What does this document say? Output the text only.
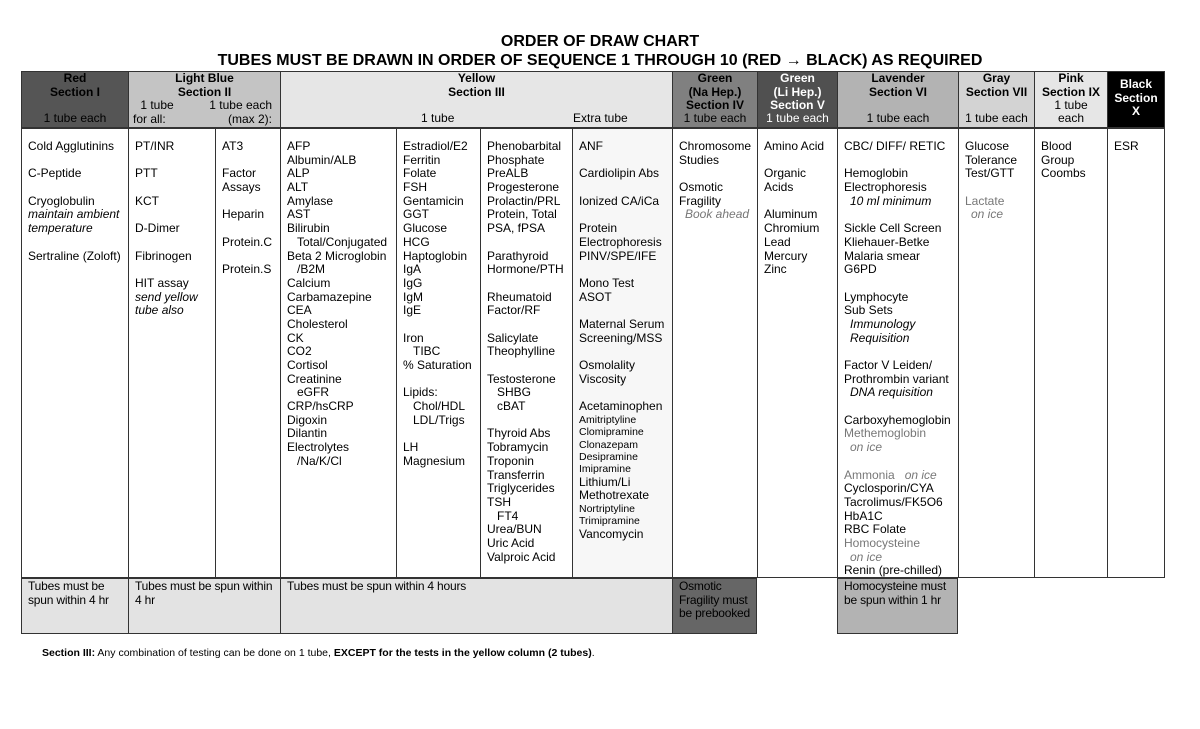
ORDER OF DRAW CHART
TUBES MUST BE DRAWN IN ORDER OF SEQUENCE 1 THROUGH 10 (RED → BLACK) AS REQUIRED
Red
Section I
1 tube each
Light Blue
Section II
1 tube
for all:
1 tube each
(max 2):
Yellow
Section III
1 tube	Extra tube
Green
(Na Hep.)
Section IV
1 tube each
Green
(Li Hep.)
Section V
1 tube each
Lavender
Section VI
1 tube each
Gray
Section VII
1 tube each
Pink
Section IX
1 tube
each
Black
Section
X
Cold Agglutinins
C-Peptide
Cryoglobulin
maintain ambient
temperature
Sertraline (Zoloft)
PT/INR
PTT
KCT
D-Dimer
Fibrinogen
HIT assay
send yellow
tube also
AT3
Factor
Assays
Heparin
Protein.C
Protein.S
AFP
Albumin/ALB
ALP
ALT
Amylase
AST
Bilirubin
Total/Conjugated
Beta 2 Microglobin
/B2M
Calcium
Carbamazepine
CEA
Cholesterol
CK
CO2
Cortisol
Creatinine
eGFR
CRP/hsCRP
Digoxin
Dilantin
Electrolytes
/Na/K/Cl
Estradiol/E2
Ferritin
Folate
FSH
Gentamicin
GGT
Glucose
HCG
Haptoglobin
IgA
IgG
IgM
IgE
Iron
TIBC
% Saturation
Lipids:
Chol/HDL
LDL/Trigs
LH
Magnesium
Phenobarbital
Phosphate
PreALB
Progesterone
Prolactin/PRL
Protein, Total
PSA, fPSA
Parathyroid
Hormone/PTH
Rheumatoid
Factor/RF
Salicylate
Theophylline
Testosterone
SHBG
cBAT
Thyroid Abs
Tobramycin
Troponin
Transferrin
Triglycerides
TSH
FT4
Urea/BUN
Uric Acid
Valproic Acid
ANF
Cardiolipin Abs
Ionized CA/iCa
Protein
Electrophoresis
PINV/SPE/IFE
Mono Test
ASOT
Maternal Serum
Screening/MSS
Osmolality
Viscosity
Acetaminophen
Amitriptyline
Clomipramine
Clonazepam
Desipramine
Imipramine
Lithium/Li
Methotrexate
Nortriptyline
Trimipramine
Vancomycin
Chromosome
Studies
Osmotic
Fragility
Book ahead
Amino Acid
Organic
Acids
Aluminum
Chromium
Lead
Mercury
Zinc
CBC/ DIFF/ RETIC
Hemoglobin
Electrophoresis
10 ml minimum
Sickle Cell Screen
Kliehauer-Betke
Malaria smear
G6PD
Lymphocyte
Sub Sets
Immunology
Requisition
Factor V Leiden/
Prothrombin variant
DNA requisition
Carboxyhemoglobin
Methemoglobin
on ice
Ammonia on ice
Cyclosporin/CYA
Tacrolimus/FK5O6
HbA1C
RBC Folate
Homocysteine
on ice
Renin (pre-chilled)
Glucose
Tolerance
Test/GTT
Lactate
on ice
Blood
Group
Coombs
ESR
Tubes must be spun within 4 hr
Tubes must be spun within 4 hr
Tubes must be spun within 4 hours	Osmotic Fragility must be prebooked
Homocysteine must be spun within 1 hr
Section III: Any combination of testing can be done on 1 tube, EXCEPT for the tests in the yellow column (2 tubes).
